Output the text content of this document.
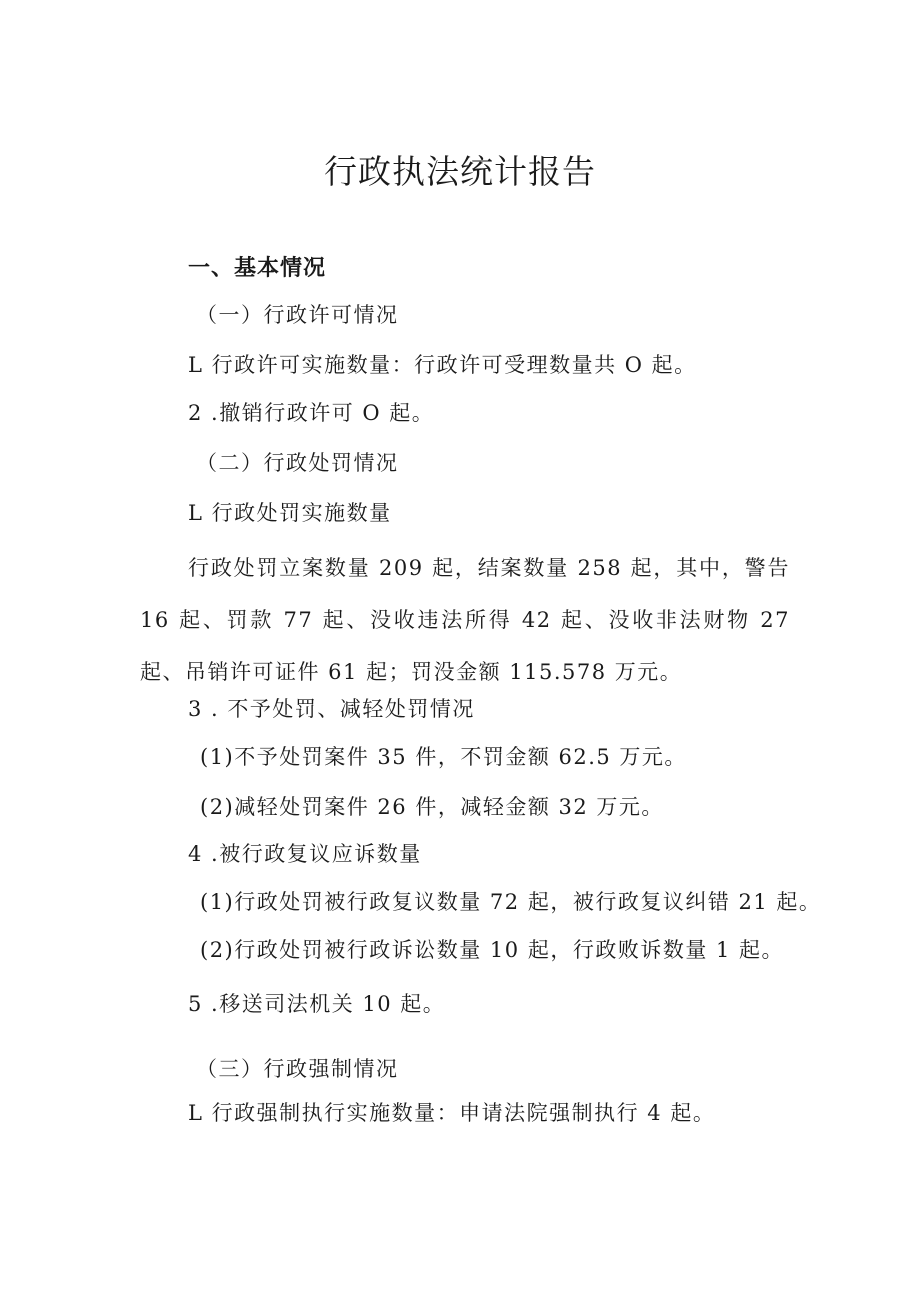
行政执法统计报告

一、基本情况

（一）行政许可情况

L 行政许可实施数量：行政许可受理数量共 O 起。

2 .撤销行政许可 O 起。

（二）行政处罚情况

L 行政处罚实施数量

行政处罚立案数量 209 起，结案数量 258 起，其中，警告 16 起、罚款 77 起、没收违法所得 42 起、没收非法财物 27 起、吊销许可证件 61 起；罚没金额 115.578 万元。

3 . 不予处罚、减轻处罚情况

(1)不予处罚案件 35 件，不罚金额 62.5 万元。

(2)减轻处罚案件 26 件，减轻金额 32 万元。

4 .被行政复议应诉数量

(1)行政处罚被行政复议数量 72 起，被行政复议纠错 21 起。

(2)行政处罚被行政诉讼数量 10 起，行政败诉数量 1 起。

5 .移送司法机关 10 起。

（三）行政强制情况

L 行政强制执行实施数量：申请法院强制执行 4 起。
